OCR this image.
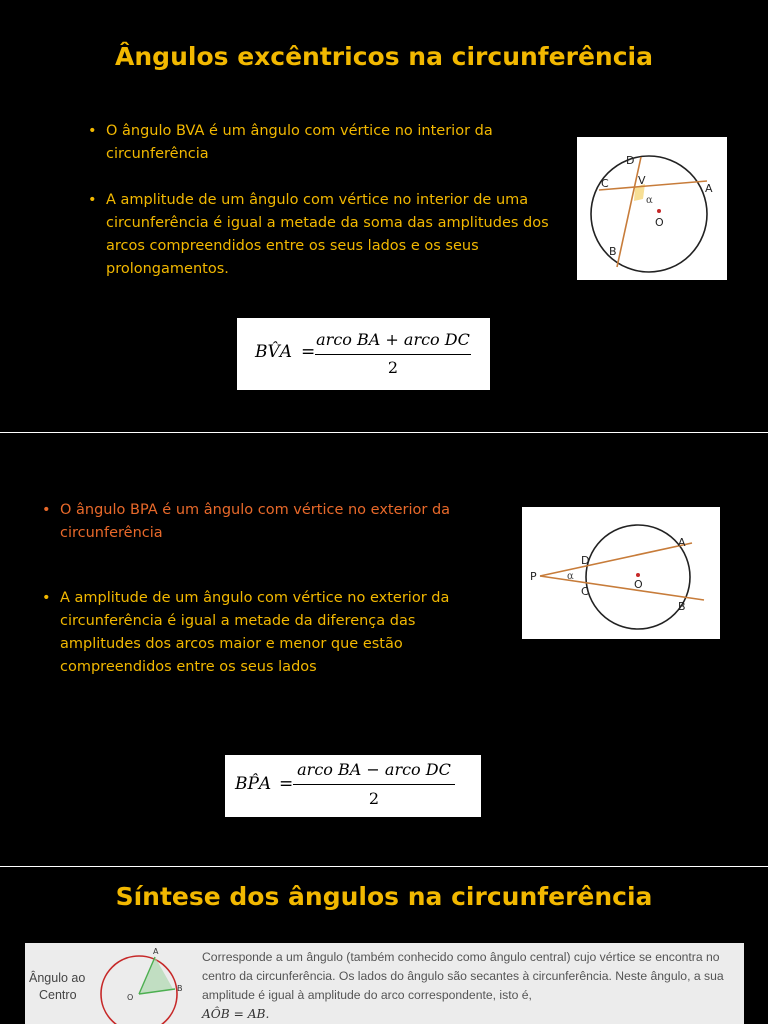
Ângulos excêntricos na circunferência
• O ângulo BVA é um ângulo com vértice no interior da circunferência
• A amplitude de um ângulo com vértice no interior de uma circunferência é igual a metade da soma das amplitudes dos arcos compreendidos entre os seus lados e os seus prolongamentos.
D
C	V
A
α
O
B
BV̂A =
arco BA + arco DC
2
• O ângulo BPA é um ângulo com vértice no exterior da circunferência
• A amplitude de um ângulo com vértice no exterior da circunferência é igual a metade da diferença das amplitudes dos arcos maior e menor que estão compreendidos entre os seus lados
P
D
C
A
B
α
O
BP̂A =
arco BA − arco DC
2
Síntese dos ângulos na circunferência
Ângulo ao
Centro
A
O
B
Corresponde a um ângulo (também conhecido como ângulo central) cujo vértice se encontra no centro da circunferência. Os lados do ângulo são secantes à circunferência. Neste ângulo, a sua amplitude é igual à amplitude do arco correspondente, isto é,
AÔB = AB.
